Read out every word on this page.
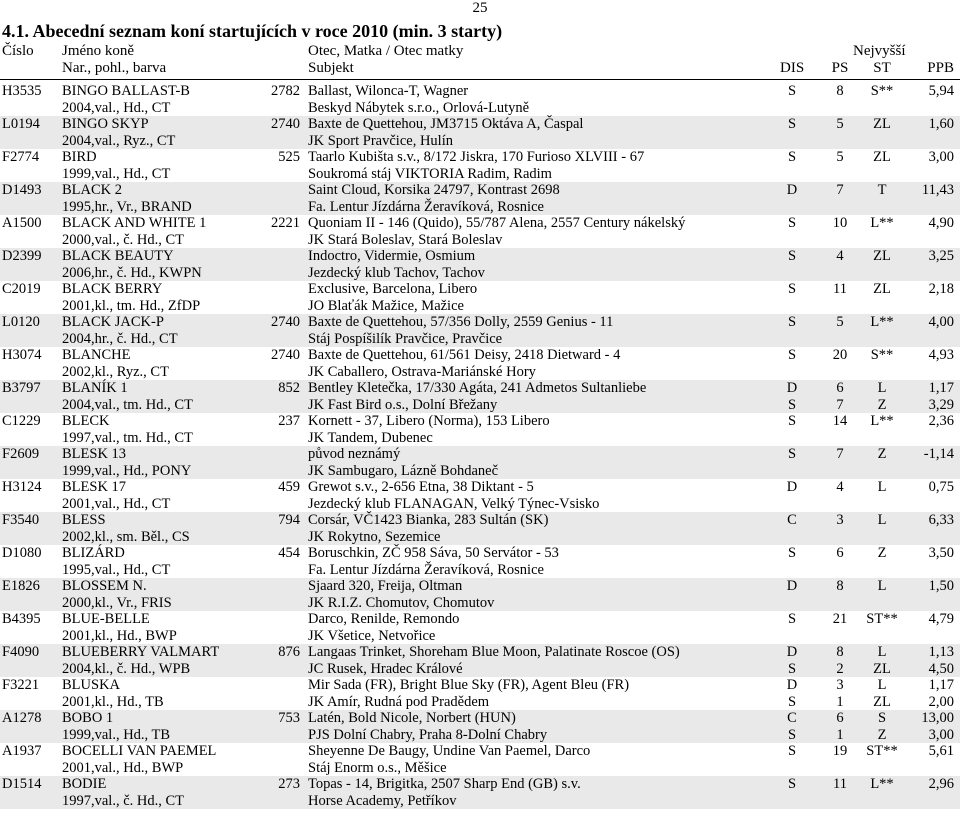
25
4.1. Abecední seznam koní startujících v roce 2010 (min. 3 starty)
Číslo Jméno koně	Otec, Matka / Otec matky	Nejvyšší
Nar., pohl., barva	Subjekt	DIS	PS	ST	PPB
H3535 BINGO BALLAST-B	2782 Ballast, Wilonca-T, Wagner	S	8	S**	5,94
2004,val., Hd., CT	Beskyd Nábytek s.r.o., Orlová-Lutyně
L0194 BINGO SKYP	2740 Baxte de Quettehou, JM3715 Oktáva A, Časpal	S	5	ZL	1,60
2004,val., Ryz., CT	JK Sport Pravčice, Hulín
F2774 BIRD	525 Taarlo Kubišta s.v., 8/172 Jiskra, 170 Furioso XLVIII - 67	S	5	ZL	3,00
1999,val., Hd., CT	Soukromá stáj VIKTORIA Radim, Radim
D1493 BLACK 2	Saint Cloud, Korsika 24797, Kontrast 2698	D	7	T	11,43
1995,hr., Vr., BRAND	Fa. Lentur Jízdárna Žeravíková, Rosnice
A1500 BLACK AND WHITE 1	2221 Quoniam II - 146 (Quido), 55/787 Alena, 2557 Century nákelský	S	10	L**	4,90
2000,val., č. Hd., CT	JK Stará Boleslav, Stará Boleslav
D2399 BLACK BEAUTY	Indoctro, Vidermie, Osmium	S	4	ZL	3,25
2006,hr., č. Hd., KWPN	Jezdecký klub Tachov, Tachov
C2019 BLACK BERRY	Exclusive, Barcelona, Libero	S	11	ZL	2,18
2001,kl., tm. Hd., ZfDP	JO Blaťák Mažice, Mažice
L0120 BLACK JACK-P	2740 Baxte de Quettehou, 57/356 Dolly, 2559 Genius - 11	S	5	L**	4,00
2004,hr., č. Hd., CT	Stáj Pospíšilík Pravčice, Pravčice
H3074 BLANCHE	2740 Baxte de Quettehou, 61/561 Deisy, 2418 Dietward - 4	S	20	S**	4,93
2002,kl., Ryz., CT	JK Caballero, Ostrava-Mariánské Hory
B3797 BLANÍK 1	852 Bentley Kletečka, 17/330 Agáta, 241 Admetos Sultanliebe	D	6	L	1,17
2004,val., tm. Hd., CT	JK Fast Bird o.s., Dolní Břežany	S	7	Z	3,29
C1229 BLECK	237 Kornett - 37, Libero (Norma), 153 Libero	S	14	L**	2,36
1997,val., tm. Hd., CT	JK Tandem, Dubenec
F2609 BLESK 13	původ neznámý	S	7	Z	-1,14
1999,val., Hd., PONY	JK Sambugaro, Lázně Bohdaneč
H3124 BLESK 17	459 Grewot s.v., 2-656 Etna, 38 Diktant - 5	D	4	L	0,75
2001,val., Hd., CT	Jezdecký klub FLANAGAN, Velký Týnec-Vsisko
F3540 BLESS	794 Corsár, VČ1423 Bianka, 283 Sultán (SK)	C	3	L	6,33
2002,kl., sm. Běl., CS	JK Rokytno, Sezemice
D1080 BLIZÁRD	454 Boruschkin, ZČ 958 Sáva, 50 Servátor - 53	S	6	Z	3,50
1995,val., Hd., CT	Fa. Lentur Jízdárna Žeravíková, Rosnice
E1826 BLOSSEM N.	Sjaard 320, Freija, Oltman	D	8	L	1,50
2000,kl., Vr., FRIS	JK R.I.Z. Chomutov, Chomutov
B4395 BLUE-BELLE	Darco, Renilde, Remondo	S	21	ST**	4,79
2001,kl., Hd., BWP	JK Všetice, Netvořice
F4090 BLUEBERRY VALMART	876 Langaas Trinket, Shoreham Blue Moon, Palatinate Roscoe (OS)	D	8	L	1,13
2004,kl., č. Hd., WPB	JC Rusek, Hradec Králové	S	2	ZL	4,50
F3221 BLUSKA	Mir Sada (FR), Bright Blue Sky (FR), Agent Bleu (FR)	D	3	L	1,17
2001,kl., Hd., TB	JK Amír, Rudná pod Pradědem	S	1	ZL	2,00
A1278 BOBO 1	753 Latén, Bold Nicole, Norbert (HUN)	C	6	S	13,00
1999,val., Hd., TB	PJS Dolní Chabry, Praha 8-Dolní Chabry	S	1	Z	3,00
A1937 BOCELLI VAN PAEMEL	Sheyenne De Baugy, Undine Van Paemel, Darco	S	19	ST**	5,61
2001,val., Hd., BWP	Stáj Enorm o.s., Měšice
D1514 BODIE	273 Topas - 14, Brigitka, 2507 Sharp End (GB) s.v.	S	11	L**	2,96
1997,val., č. Hd., CT	Horse Academy, Petříkov
